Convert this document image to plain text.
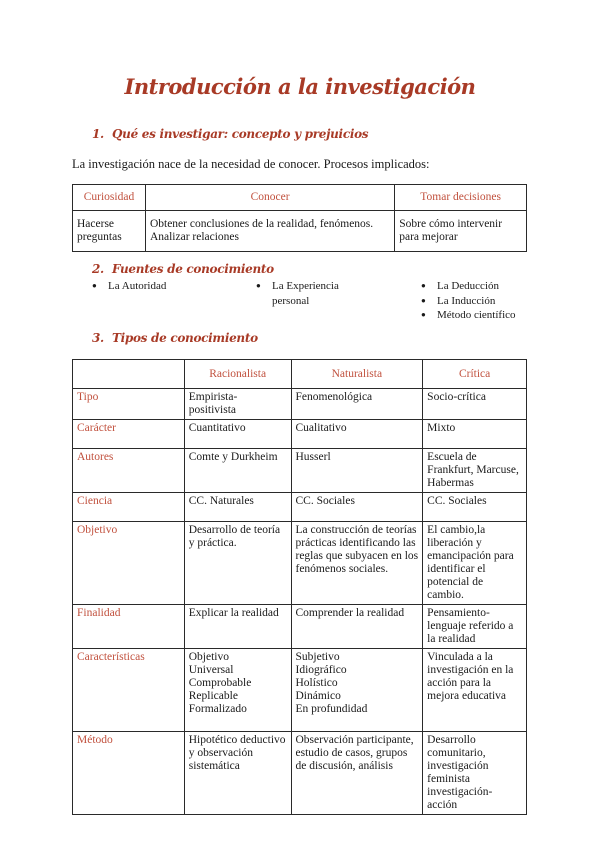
Introducción a la investigación
1. Qué es investigar: concepto y prejuicios
La investigación nace de la necesidad de conocer. Procesos implicados:
Curiosidad	Conocer	Tomar decisiones
Hacerse preguntas	Obtener conclusiones de la realidad, fenómenos. Analizar relaciones	Sobre cómo intervenir para mejorar
2. Fuentes de conocimiento
● La Autoridad	● La Experiencia personal
● La Deducción
● La Inducción
● Método científico
3. Tipos de conocimiento
	Racionalista	Naturalista	Crítica
Tipo	Empirista- positivista	Fenomenológica	Socio-crítica
Carácter	Cuantitativo	Cualitativo	Mixto
Autores	Comte y Durkheim	Husserl	Escuela de Frankfurt, Marcuse, Habermas
Ciencia	CC. Naturales	CC. Sociales	CC. Sociales
Objetivo	Desarrollo de teoría y práctica.	La construcción de teorías prácticas identificando las reglas que subyacen en los fenómenos sociales.	El cambio,la liberación y emancipación para identificar el potencial de cambio.
Finalidad	Explicar la realidad	Comprender la realidad	Pensamiento-lenguaje referido a la realidad
Características	Objetivo
Universal
Comprobable
Replicable
Formalizado	Subjetivo
Idiográfico
Holístico
Dinámico
En profundidad	Vinculada a la investigación en la acción para la mejora educativa
Método	Hipotético deductivo y observación sistemática	Observación participante, estudio de casos, grupos de discusión, análisis	Desarrollo comunitario, investigación feminista investigación-acción
